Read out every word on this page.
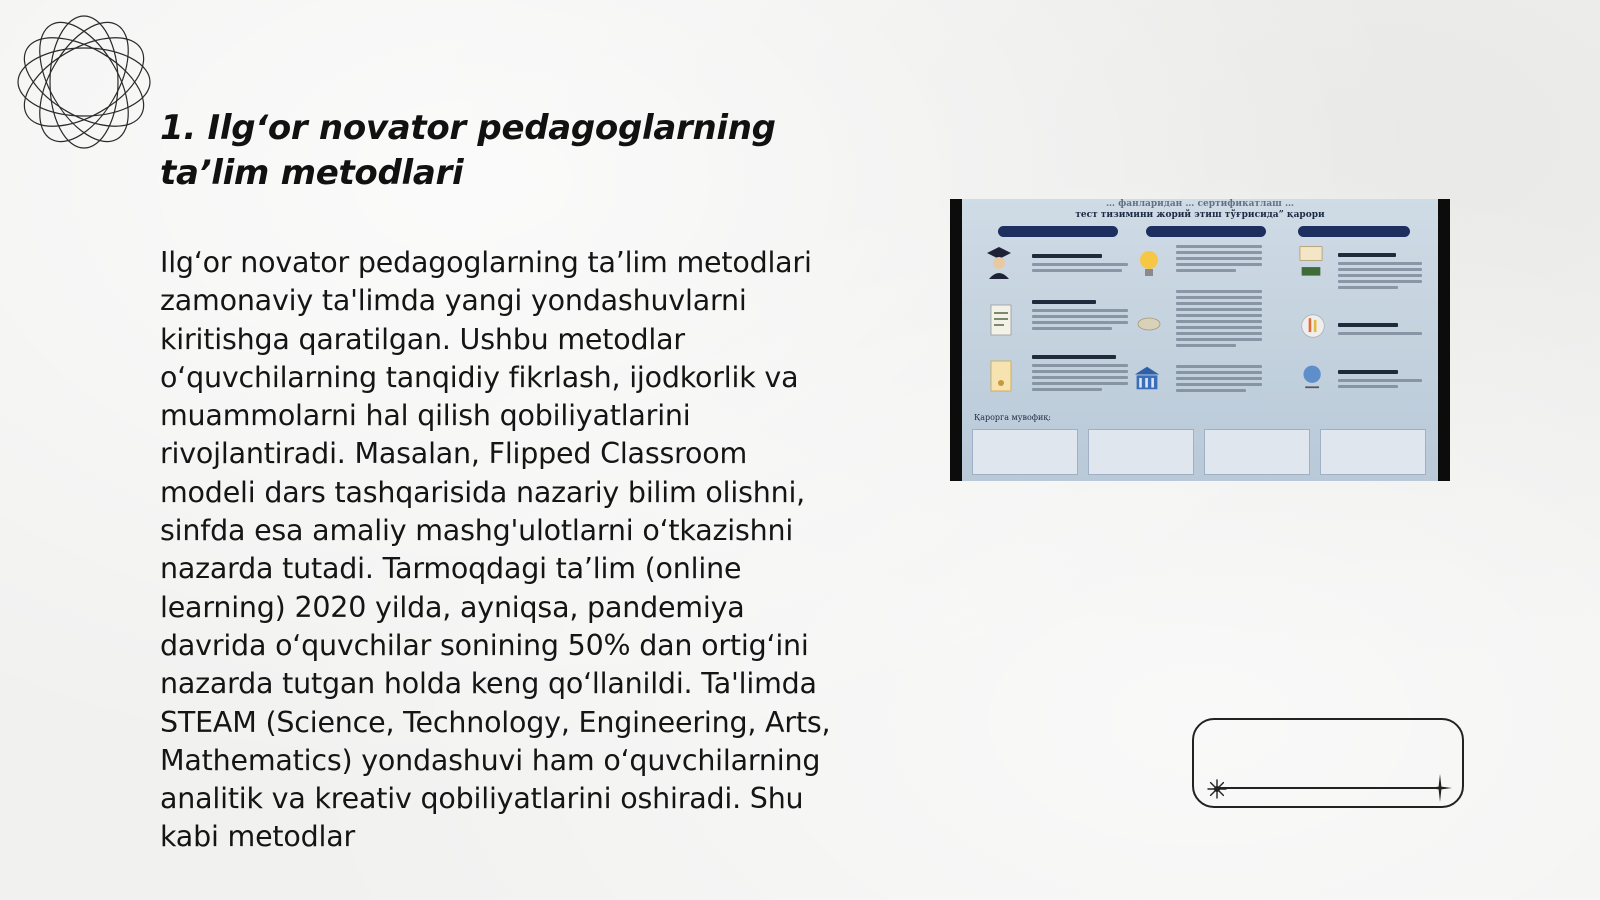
1. Ilgʻor novator pedagoglarning ta’lim metodlari

Ilgʻor novator pedagoglarning ta’lim metodlari zamonaviy ta'limda yangi yondashuvlarni kiritishga qaratilgan. Ushbu metodlar oʻquvchilarning tanqidiy fikrlash, ijodkorlik va muammolarni hal qilish qobiliyatlarini rivojlantiradi. Masalan, Flipped Classroom modeli dars tashqarisida nazariy bilim olishni, sinfda esa amaliy mashg'ulotlarni oʻtkazishni nazarda tutadi. Tarmoqdagi ta’lim (online learning) 2020 yilda, ayniqsa, pandemiya davrida oʻquvchilar sonining 50% dan ortigʻini nazarda tutgan holda keng qoʻllanildi. Ta'limda STEAM (Science, Technology, Engineering, Arts, Mathematics) yondashuvi ham oʻquvchilarning analitik va kreativ qobiliyatlarini oshiradi. Shu kabi metodlar

… фанларидан … сертификатлаш …
тест тизимини жорий этиш тўғрисида” қарори
Қарорга мувофиқ:
